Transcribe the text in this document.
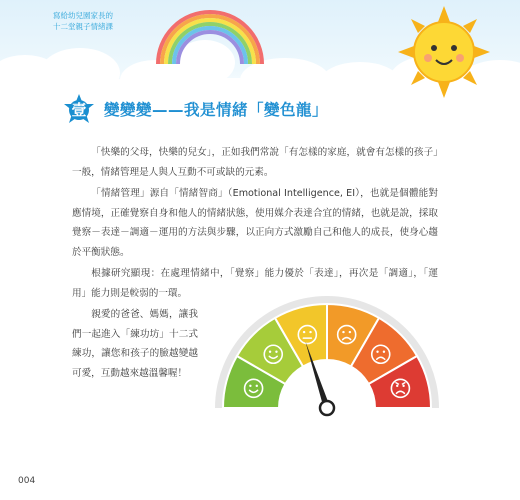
寫給幼兒園家長的
十二堂親子情緒課
壹	變變變——我是情緒「變色龍」

「快樂的父母，快樂的兒女」，正如我們常說「有怎樣的家庭，就會有怎樣的孩子」一般，情緒管理是人與人互動不可或缺的元素。

「情緒管理」源自「情緒智商」（Emotional Intelligence, EI），也就是個體能對應情境，正確覺察自身和他人的情緒狀態，使用媒介表達合宜的情緒，也就是說，採取覺察－表達－調適－運用的方法與步驟，以正向方式激勵自己和他人的成長，使身心趨於平衡狀態。

根據研究顯現：在處理情緒中，「覺察」能力優於「表達」，再次是「調適」，「運用」能力則是較弱的一環。

親愛的爸爸、媽媽，讓我們一起進入「練功坊」十二式練功，讓您和孩子的臉越變越可愛，互動越來越溫馨喔！

004
